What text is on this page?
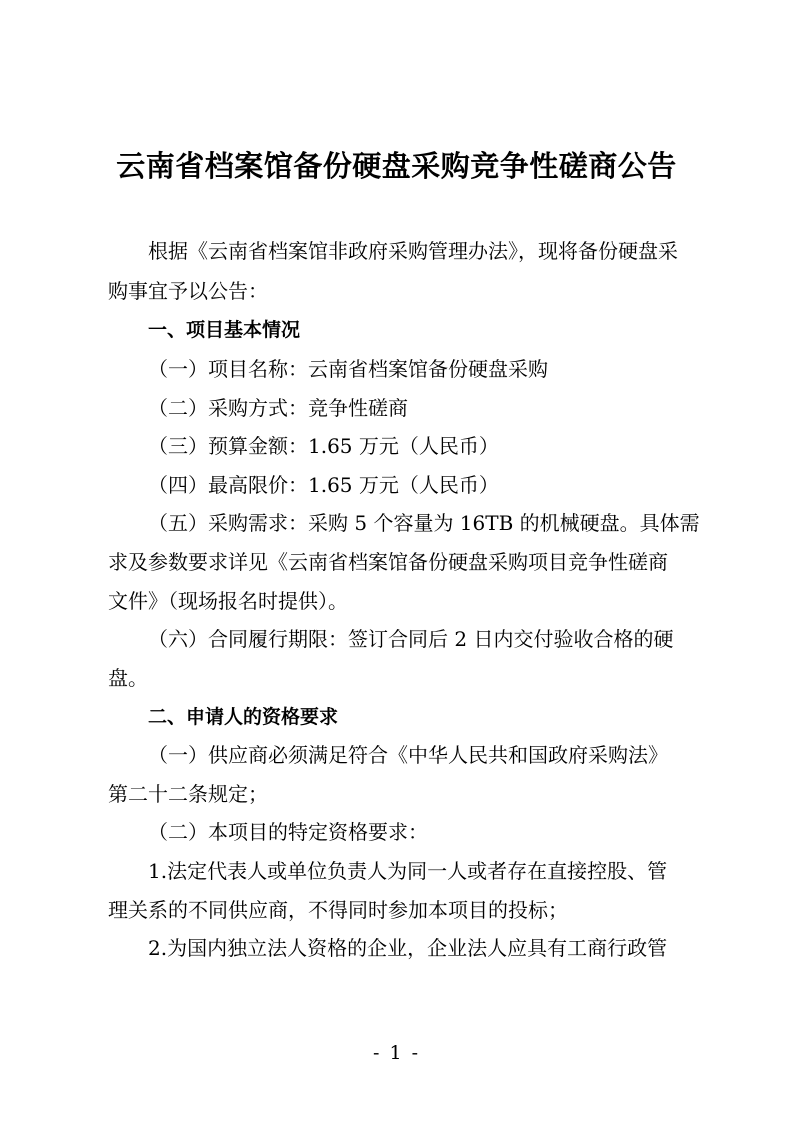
云南省档案馆备份硬盘采购竞争性磋商公告
根据《云南省档案馆非政府采购管理办法》，现将备份硬盘采
购事宜予以公告：
一、项目基本情况
（一）项目名称：云南省档案馆备份硬盘采购
（二）采购方式：竞争性磋商
（三）预算金额：1.65 万元（人民币）
（四）最高限价：1.65 万元（人民币）
（五）采购需求：采购 5 个容量为 16TB 的机械硬盘。具体需
求及参数要求详见《云南省档案馆备份硬盘采购项目竞争性磋商
文件》（现场报名时提供）。
（六）合同履行期限：签订合同后 2 日内交付验收合格的硬
盘。
二、申请人的资格要求
（一）供应商必须满足符合《中华人民共和国政府采购法》
第二十二条规定；
（二）本项目的特定资格要求：
1.法定代表人或单位负责人为同一人或者存在直接控股、管
理关系的不同供应商，不得同时参加本项目的投标；
2.为国内独立法人资格的企业，企业法人应具有工商行政管
- 1 -
